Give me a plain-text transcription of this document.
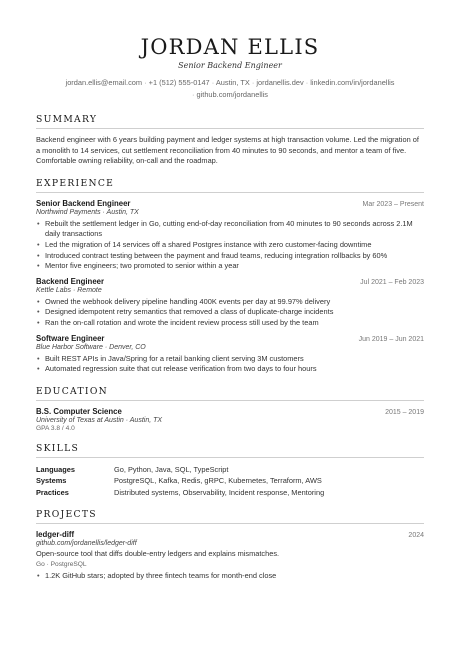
JORDAN ELLIS
Senior Backend Engineer
jordan.ellis@email.com · +1 (512) 555-0147 · Austin, TX · jordanellis.dev · linkedin.com/in/jordanellis
· github.com/jordanellis
SUMMARY
Backend engineer with 6 years building payment and ledger systems at high transaction volume. Led the migration of a monolith to 14 services, cut settlement reconciliation from 40 minutes to 90 seconds, and mentor a team of five. Comfortable owning reliability, on-call and the roadmap.
EXPERIENCE
Senior Backend Engineer	Mar 2023 – Present
Northwind Payments · Austin, TX
• Rebuilt the settlement ledger in Go, cutting end-of-day reconciliation from 40 minutes to 90 seconds across 2.1M daily transactions
• Led the migration of 14 services off a shared Postgres instance with zero customer-facing downtime
• Introduced contract testing between the payment and fraud teams, reducing integration rollbacks by 60%
• Mentor five engineers; two promoted to senior within a year
Backend Engineer	Jul 2021 – Feb 2023
Kettle Labs · Remote
• Owned the webhook delivery pipeline handling 400K events per day at 99.97% delivery
• Designed idempotent retry semantics that removed a class of duplicate-charge incidents
• Ran the on-call rotation and wrote the incident review process still used by the team
Software Engineer	Jun 2019 – Jun 2021
Blue Harbor Software · Denver, CO
• Built REST APIs in Java/Spring for a retail banking client serving 3M customers
• Automated regression suite that cut release verification from two days to four hours
EDUCATION
B.S. Computer Science	2015 – 2019
University of Texas at Austin · Austin, TX
GPA 3.8 / 4.0
SKILLS
Languages	Go, Python, Java, SQL, TypeScript
Systems	PostgreSQL, Kafka, Redis, gRPC, Kubernetes, Terraform, AWS
Practices	Distributed systems, Observability, Incident response, Mentoring
PROJECTS
ledger-diff	2024
github.com/jordanellis/ledger-diff
Open-source tool that diffs double-entry ledgers and explains mismatches.
Go · PostgreSQL
• 1.2K GitHub stars; adopted by three fintech teams for month-end close
